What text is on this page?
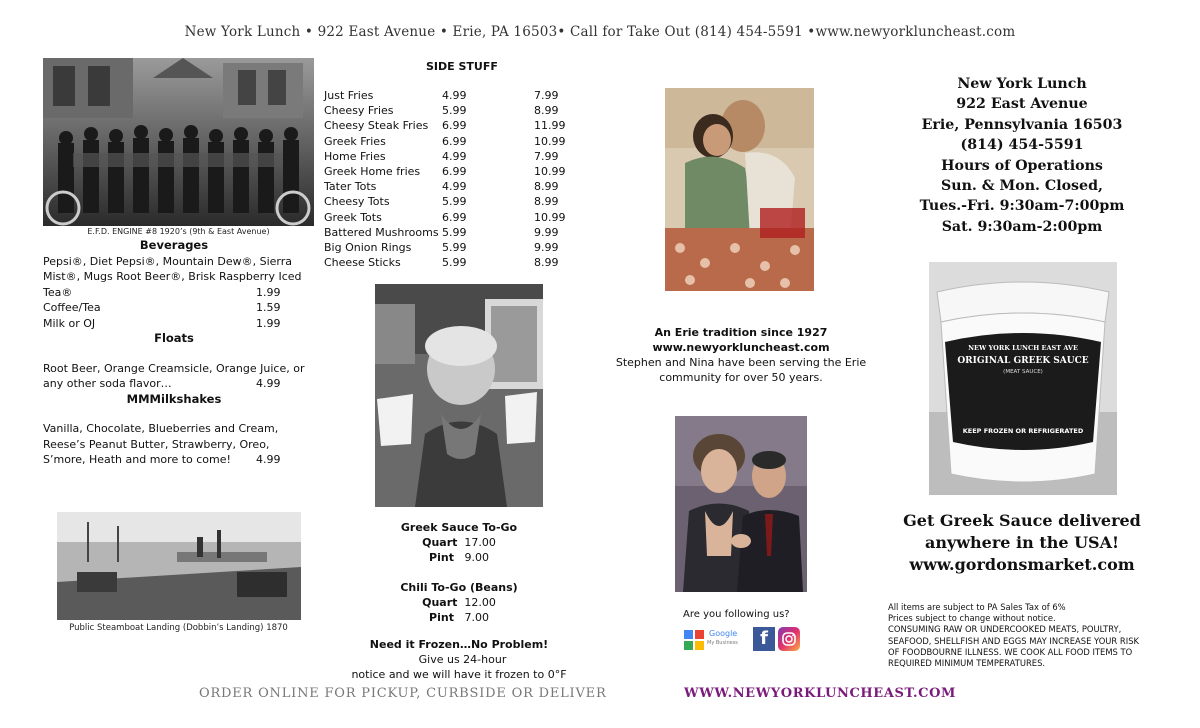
New York Lunch • 922 East Avenue • Erie, PA 16503• Call for Take Out (814) 454-5591 •www.newyorkluncheast.com
E.F.D. ENGINE #8 1920’s (9th & East Avenue)
Beverages
Pepsi®, Diet Pepsi®, Mountain Dew®, Sierra Mist®, Mugs Root Beer®, Brisk Raspberry Iced Tea®	1.99
Coffee/Tea	1.59
Milk or OJ	1.99
Floats
Root Beer, Orange Creamsicle, Orange Juice, or any other soda flavor…	4.99
MMMilkshakes
Vanilla, Chocolate, Blueberries and Cream, Reese’s Peanut Butter, Strawberry, Oreo, S’more, Heath and more to come!	4.99
Public Steamboat Landing (Dobbin’s Landing) 1870
SIDE STUFF
Just Fries	4.99	7.99
Cheesy Fries	5.99	8.99
Cheesy Steak Fries	6.99	11.99
Greek Fries	6.99	10.99
Home Fries	4.99	7.99
Greek Home fries	6.99	10.99
Tater Tots	4.99	8.99
Cheesy Tots	5.99	8.99
Greek Tots	6.99	10.99
Battered Mushrooms	5.99	9.99
Big Onion Rings	5.99	9.99
Cheese Sticks	5.99	8.99
Greek Sauce To-Go
Quart 17.00
Pint 9.00
Chili To-Go (Beans)
Quart 12.00
Pint 7.00
Need it Frozen…No Problem!  Give us 24-hour
notice and we will have it frozen to 0°F
An Erie tradition since 1927
www.newyorkluncheast.com
Stephen and Nina have been serving the Erie
community for over 50 years.
Are you following us?
Google
My Business	f
New York Lunch
922 East Avenue
Erie, Pennsylvania 16503
(814) 454-5591
Hours of Operations
Sun. & Mon. Closed,
Tues.-Fri. 9:30am-7:00pm
Sat. 9:30am-2:00pm
NEW YORK LUNCH EAST AVE
ORIGINAL GREEK SAUCE
(MEAT SAUCE)
KEEP FROZEN OR REFRIGERATED
Get Greek Sauce delivered
anywhere in the USA!
www.gordonsmarket.com
All items are subject to PA Sales Tax of 6%
Prices subject to change without notice.
CONSUMING RAW OR UNDERCOOKED MEATS, POULTRY,
SEAFOOD, SHELLFISH AND EGGS MAY INCREASE YOUR RISK
OF FOODBOURNE ILLNESS. WE COOK ALL FOOD ITEMS TO
REQUIRED MINIMUM TEMPERATURES.
ORDER ONLINE FOR PICKUP, CURBSIDE OR DELIVER	WWW.NEWYORKLUNCHEAST.COM
